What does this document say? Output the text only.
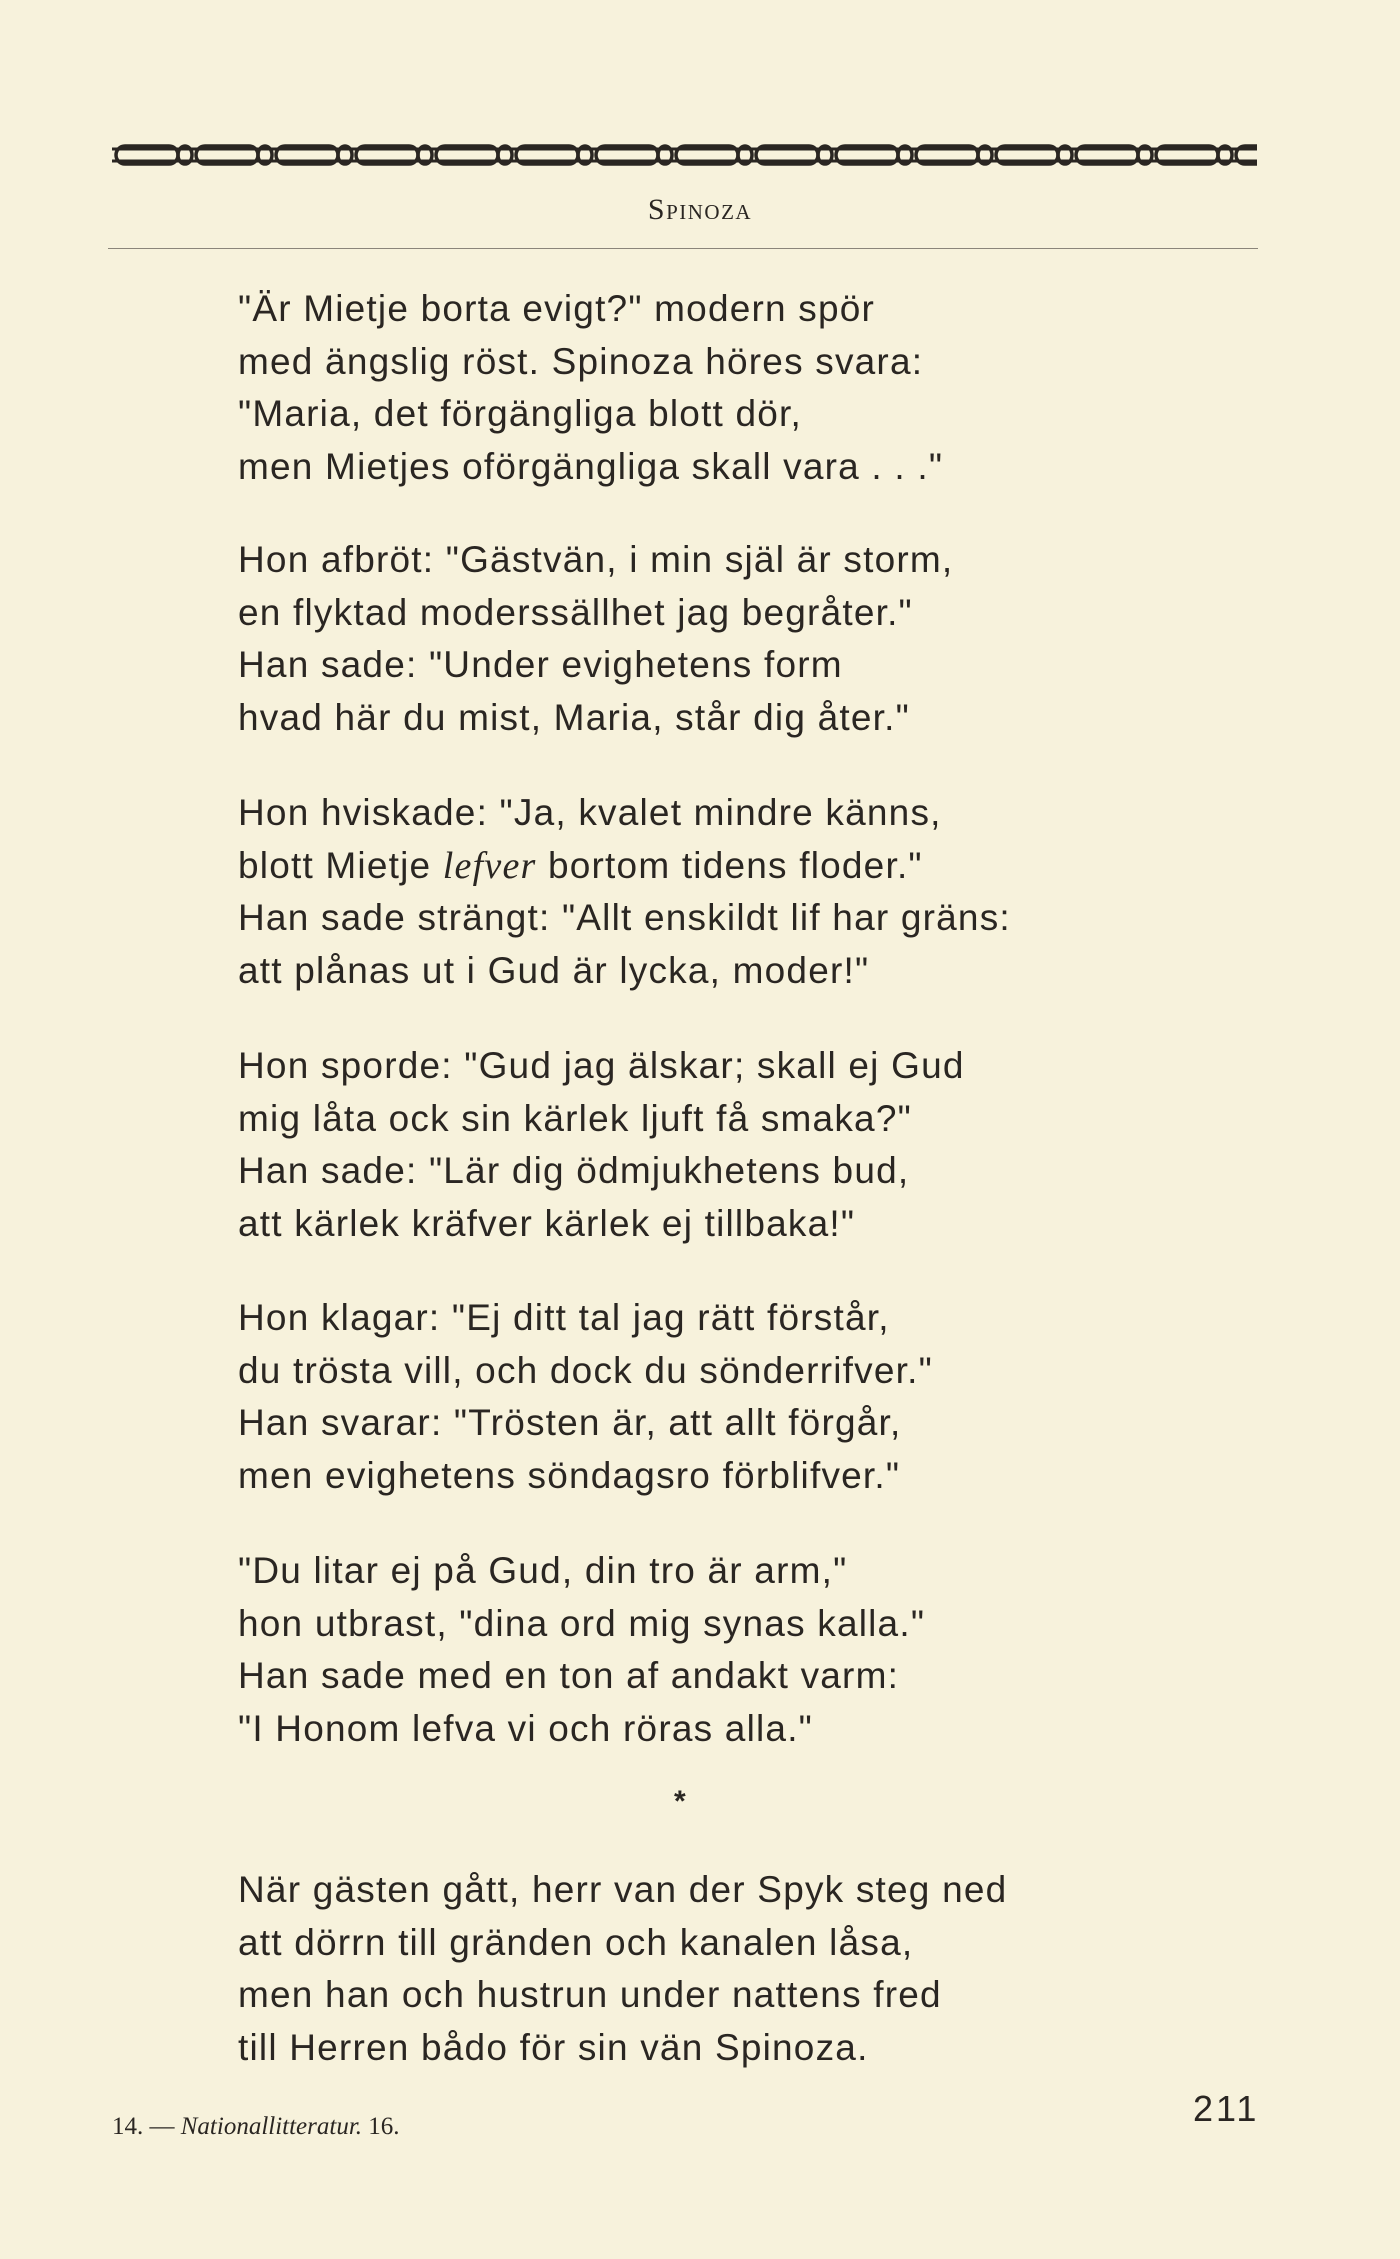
Spinoza
"Är Mietje borta evigt?" modern spör
med ängslig röst. Spinoza höres svara:
"Maria, det förgängliga blott dör,
men Mietjes oförgängliga skall vara . . ."
Hon afbröt: "Gästvän, i min själ är storm,
en flyktad moderssällhet jag begråter."
Han sade: "Under evighetens form
hvad här du mist, Maria, står dig åter."
Hon hviskade: "Ja, kvalet mindre känns,
blott Mietje lefver bortom tidens floder."
Han sade strängt: "Allt enskildt lif har gräns:
att plånas ut i Gud är lycka, moder!"
Hon sporde: "Gud jag älskar; skall ej Gud
mig låta ock sin kärlek ljuft få smaka?"
Han sade: "Lär dig ödmjukhetens bud,
att kärlek kräfver kärlek ej tillbaka!"
Hon klagar: "Ej ditt tal jag rätt förstår,
du trösta vill, och dock du sönderrifver."
Han svarar: "Trösten är, att allt förgår,
men evighetens söndagsro förblifver."
"Du litar ej på Gud, din tro är arm,"
hon utbrast, "dina ord mig synas kalla."
Han sade med en ton af andakt varm:
"I Honom lefva vi och röras alla."
*
När gästen gått, herr van der Spyk steg ned
att dörrn till gränden och kanalen låsa,
men han och hustrun under nattens fred
till Herren bådo för sin vän Spinoza.
14. — Nationallitteratur. 16.	211
